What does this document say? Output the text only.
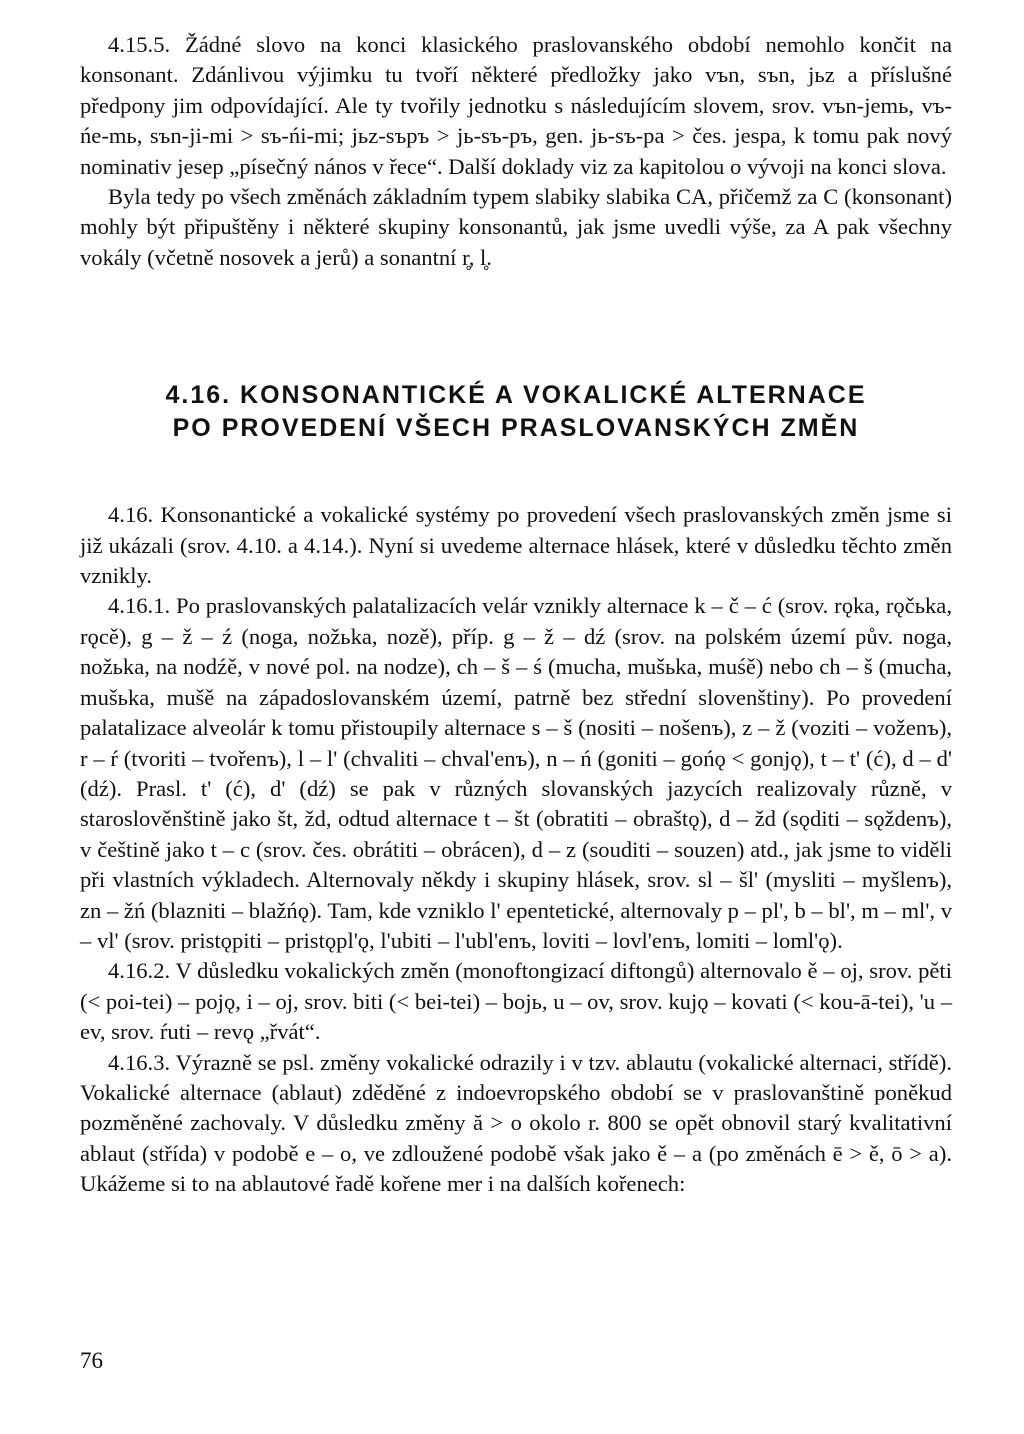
4.15.5. Žádné slovo na konci klasického praslovanského období nemohlo končit na konsonant. Zdánlivou výjimku tu tvoří některé předložky jako vъn, sъn, jьz a příslušné předpony jim odpovídající. Ale ty tvořily jednotku s následujícím slovem, srov. vъn-jemь, vъ-ńe-mь, sъn-ji-mi > sъ-ńi-mi; jьz-sъpъ > jь-sъ-pъ, gen. jь-sъ-pa > čes. jespa, k tomu pak nový nominativ jesep „písečný nános v řece“. Další doklady viz za kapitolou o vývoji na konci slova.

Byla tedy po všech změnách základním typem slabiky slabika CA, přičemž za C (konsonant) mohly být připuštěny i některé skupiny konsonantů, jak jsme uvedli výše, za A pak všechny vokály (včetně nosovek a jerů) a sonantní r̥, l̥.

4.16. KONSONANTICKÉ A VOKALICKÉ ALTERNACE
PO PROVEDENÍ VŠECH PRASLOVANSKÝCH ZMĚN

4.16. Konsonantické a vokalické systémy po provedení všech praslovanských změn jsme si již ukázali (srov. 4.10. a 4.14.). Nyní si uvedeme alternace hlásek, které v důsledku těchto změn vznikly.

4.16.1. Po praslovanských palatalizacích velár vznikly alternace k – č – ć (srov. rǫka, rǫčьka, rǫcě), g – ž – ź (noga, nožьka, nozě), příp. g – ž – dź (srov. na polském území pův. noga, nožьka, na nodźě, v nové pol. na nodze), ch – š – ś (mucha, mušьka, muśě) nebo ch – š (mucha, mušьka, mušě na západoslovanském území, patrně bez střední slovenštiny). Po provedení palatalizace alveolár k tomu přistoupily alternace s – š (nositi – nošenъ), z – ž (voziti – voženъ), r – ŕ (tvoriti – tvořenъ), l – l' (chvaliti – chval'enъ), n – ń (goniti – gońǫ < gonjǫ), t – t' (ć), d – d' (dź). Prasl. t' (ć), d' (dź) se pak v různých slovanských jazycích realizovaly různě, v staroslověnštině jako št, žd, odtud alternace t – št (obratiti – obraštǫ), d – žd (sǫditi – sǫždenъ), v češtině jako t – c (srov. čes. obrátiti – obrácen), d – z (souditi – souzen) atd., jak jsme to viděli při vlastních výkladech. Alternovaly někdy i skupiny hlásek, srov. sl – šl' (mysliti – myšlenъ), zn – žń (blazniti – blažńǫ). Tam, kde vzniklo l' epentetické, alternovaly p – pl', b – bl', m – ml', v – vl' (srov. pristǫpiti – pristǫpl'ǫ, l'ubiti – l'ubl'enъ, loviti – lovl'enъ, lomiti – loml'ǫ).

4.16.2. V důsledku vokalických změn (monoftongizací diftongů) alternovalo ě – oj, srov. pěti (< poi-tei) – pojǫ, i – oj, srov. biti (< bei-tei) – bojь, u – ov, srov. kujǫ – kovati (< kou-ā-tei), 'u – ev, srov. ŕuti – revǫ „řvát“.

4.16.3. Výrazně se psl. změny vokalické odrazily i v tzv. ablautu (vokalické alternaci, střídě). Vokalické alternace (ablaut) zděděné z indoevropského období se v praslovanštině poněkud pozměněné zachovaly. V důsledku změny ă > o okolo r. 800 se opět obnovil starý kvalitativní ablaut (střída) v podobě e – o, ve zdloužené podobě však jako ě – a (po změnách ē > ě, ō > a). Ukážeme si to na ablautové řadě kořene mer i na dalších kořenech:

76
